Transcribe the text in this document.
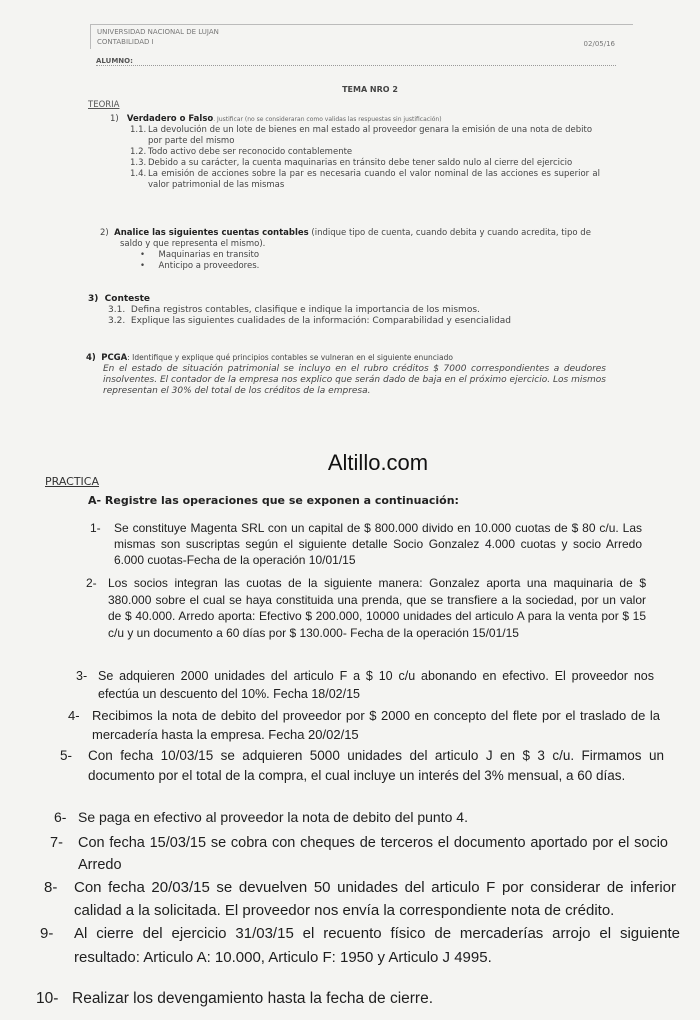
UNIVERSIDAD NACIONAL DE LUJAN
CONTABILIDAD I	02/05/16
ALUMNO:
TEMA NRO 2
TEORIA
1) Verdadero o Falso. Justificar (no se consideraran como validas las respuestas sin justificación)
1.1. La devolución de un lote de bienes en mal estado al proveedor genara la emisión de una nota de debito por parte del mismo
1.2. Todo activo debe ser reconocido contablemente
1.3. Debido a su carácter, la cuenta maquinarias en tránsito debe tener saldo nulo al cierre del ejercicio
1.4. La emisión de acciones sobre la par es necesaria cuando el valor nominal de las acciones es superior al valor patrimonial de las mismas
2) Analice las siguientes cuentas contables (indique tipo de cuenta, cuando debita y cuando acredita, tipo de saldo y que representa el mismo).
•     Maquinarias en transito
•     Anticipo a proveedores.
3) Conteste
3.1. Defina registros contables, clasifique e indique la importancia de los mismos.
3.2. Explique las siguientes cualidades de la información: Comparabilidad y esencialidad
4) PCGA: Identifique y explique qué principios contables se vulneran en el siguiente enunciado
En el estado de situación patrimonial se incluyo en el rubro créditos $ 7000 correspondientes a deudores insolventes. El contador de la empresa nos explico que serán dado de baja en el próximo ejercicio. Los mismos representan el 30% del total de los créditos de la empresa.
Altillo.com
PRACTICA
A- Registre las operaciones que se exponen a continuación:
1-	Se constituye Magenta SRL con un capital de $ 800.000 divido en 10.000 cuotas de $ 80 c/u. Las mismas son suscriptas según el siguiente detalle Socio Gonzalez 4.000 cuotas y socio Arredo 6.000 cuotas-Fecha de la operación 10/01/15
2- Los socios integran las cuotas de la siguiente manera: Gonzalez aporta una maquinaria de $ 380.000 sobre el cual se haya constituida una prenda, que se transfiere a la sociedad, por un valor de $ 40.000. Arredo aporta: Efectivo $ 200.000, 10000 unidades del articulo A para la venta por $ 15 c/u y un documento a 60 días por $ 130.000- Fecha de la operación 15/01/15
3- Se adquieren 2000 unidades del articulo F a $ 10 c/u abonando en efectivo. El proveedor nos efectúa un descuento del 10%. Fecha 18/02/15
4- Recibimos la nota de debito del proveedor por $ 2000 en concepto del flete por el traslado de la mercadería hasta la empresa. Fecha 20/02/15
5-	Con fecha 10/03/15 se adquieren 5000 unidades del articulo J en $ 3 c/u. Firmamos un documento por el total de la compra, el cual incluye un interés del 3% mensual, a 60 días.
6- Se paga en efectivo al proveedor la nota de debito del punto 4.
7-	Con fecha 15/03/15 se cobra con cheques de terceros el documento aportado por el socio Arredo
8-	Con fecha 20/03/15 se devuelven 50 unidades del articulo F por considerar de inferior calidad a la solicitada. El proveedor nos envía la correspondiente nota de crédito.
9-	Al cierre del ejercicio 31/03/15 el recuento físico de mercaderías arrojo el siguiente resultado: Articulo A: 10.000, Articulo F: 1950 y Articulo J 4995.
10- Realizar los devengamiento hasta la fecha de cierre.
